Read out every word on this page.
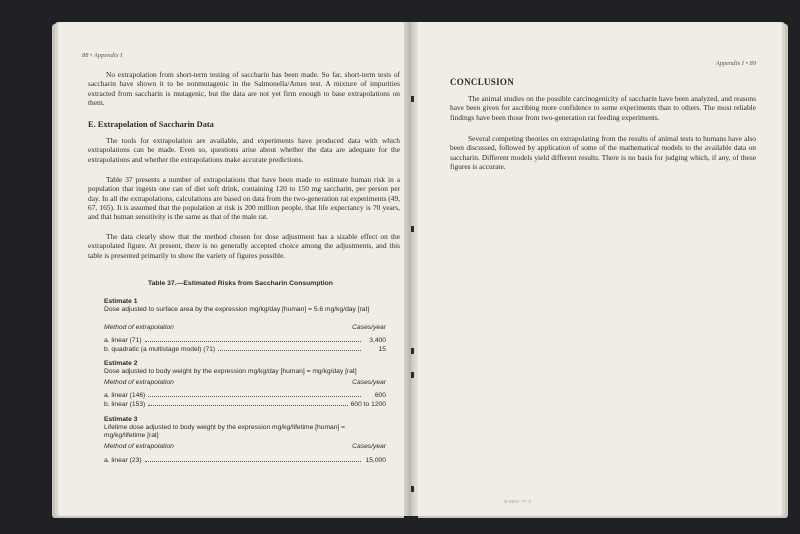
88 • Appendix I

No extrapolation from short-term testing of saccharin has been made. So far, short-term tests of saccharin have shown it to be nonmutagenic in the Salmonella/Ames test. A mixture of impurities extracted from saccharin is mutagenic, but the data are not yet firm enough to base extrapolations on them.

E. Extrapolation of Saccharin Data

The tools for extrapolation are available, and experiments have produced data with which extrapolations can be made. Even so, questions arise about whether the data are adequate for the extrapolations and whether the extrapolations make accurate predictions.

Table 37 presents a number of extrapolations that have been made to estimate human risk in a population that ingests one can of diet soft drink, containing 120 to 150 mg saccharin, per person per day. In all the extrapolations, calculations are based on data from the two-generation rat experiments (49, 67, 165). It is assumed that the population at risk is 200 million people, that life expectancy is 70 years, and that human sensitivity is the same as that of the male rat.

The data clearly show that the method chosen for dose adjustment has a sizable effect on the extrapolated figure. At present, there is no generally accepted choice among the adjustments, and this table is presented primarily to show the variety of figures possible.

Table 37.—Estimated Risks from Saccharin Consumption
Estimate 1
Dose adjusted to surface area by the expression mg/kg/day [human] = 5.6 mg/kg/day [rat]
Method of extrapolation	Cases/year
a. linear (71)	3,400
b. quadratic (a multistage model) (71)	15
Estimate 2
Dose adjusted to body weight by the expression mg/kg/day [human] = mg/kg/day [rat]
Method of extrapolation	Cases/year
a. linear (146)	600
b. linear (153)	600 to 1200
Estimate 3
Lifetime dose adjusted to body weight by the expression mg/kg/lifetime [human] = mg/kg/lifetime [rat]
Method of extrapolation	Cases/year
a. linear (23)	15,000
Appendix I • 89

CONCLUSION

The animal studies on the possible carcinogenicity of saccharin have been analyzed, and reasons have been given for ascribing more confidence to some experiments than to others. The most reliable findings have been those from two-generation rat feeding experiments.

Several competing theories on extrapolating from the results of animal tests to humans have also been discussed, followed by application of some of the mathematical models to the available data on saccharin. Different models yield different results. There is no basis for judging which, if any, of these figures is accurate.

91-034 O - 77 - 8
